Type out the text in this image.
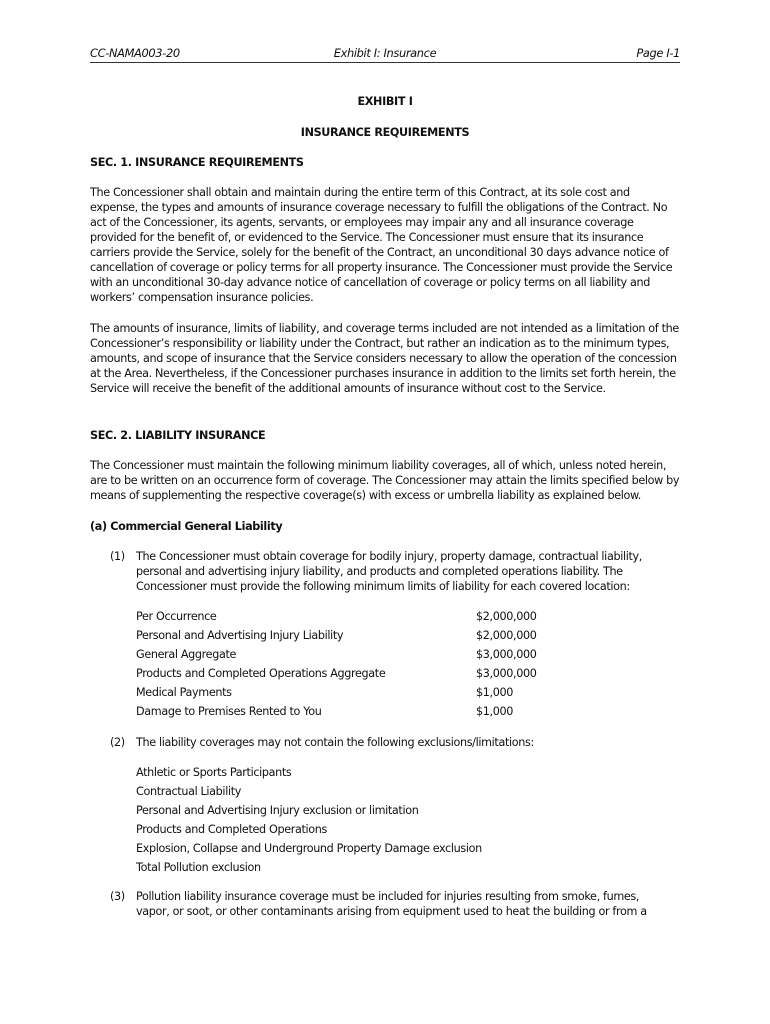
CC-NAMA003-20	Exhibit I: Insurance	Page I-1
EXHIBIT I
INSURANCE REQUIREMENTS
SEC. 1. INSURANCE REQUIREMENTS

The Concessioner shall obtain and maintain during the entire term of this Contract, at its sole cost and expense, the types and amounts of insurance coverage necessary to fulfill the obligations of the Contract. No act of the Concessioner, its agents, servants, or employees may impair any and all insurance coverage provided for the benefit of, or evidenced to the Service. The Concessioner must ensure that its insurance carriers provide the Service, solely for the benefit of the Contract, an unconditional 30 days advance notice of cancellation of coverage or policy terms for all property insurance. The Concessioner must provide the Service with an unconditional 30-day advance notice of cancellation of coverage or policy terms on all liability and workers’ compensation insurance policies.

The amounts of insurance, limits of liability, and coverage terms included are not intended as a limitation of the Concessioner’s responsibility or liability under the Contract, but rather an indication as to the minimum types, amounts, and scope of insurance that the Service considers necessary to allow the operation of the concession at the Area. Nevertheless, if the Concessioner purchases insurance in addition to the limits set forth herein, the Service will receive the benefit of the additional amounts of insurance without cost to the Service.

SEC. 2. LIABILITY INSURANCE

The Concessioner must maintain the following minimum liability coverages, all of which, unless noted herein, are to be written on an occurrence form of coverage. The Concessioner may attain the limits specified below by means of supplementing the respective coverage(s) with excess or umbrella liability as explained below.

(a) Commercial General Liability
(1) The Concessioner must obtain coverage for bodily injury, property damage, contractual liability, personal and advertising injury liability, and products and completed operations liability. The Concessioner must provide the following minimum limits of liability for each covered location:
Per Occurrence	$2,000,000
Personal and Advertising Injury Liability	$2,000,000
General Aggregate	$3,000,000
Products and Completed Operations Aggregate	$3,000,000
Medical Payments	$1,000
Damage to Premises Rented to You	$1,000
(2) The liability coverages may not contain the following exclusions/limitations:
Athletic or Sports Participants
Contractual Liability
Personal and Advertising Injury exclusion or limitation
Products and Completed Operations
Explosion, Collapse and Underground Property Damage exclusion
Total Pollution exclusion
(3) Pollution liability insurance coverage must be included for injuries resulting from smoke, fumes, vapor, or soot, or other contaminants arising from equipment used to heat the building or from a
